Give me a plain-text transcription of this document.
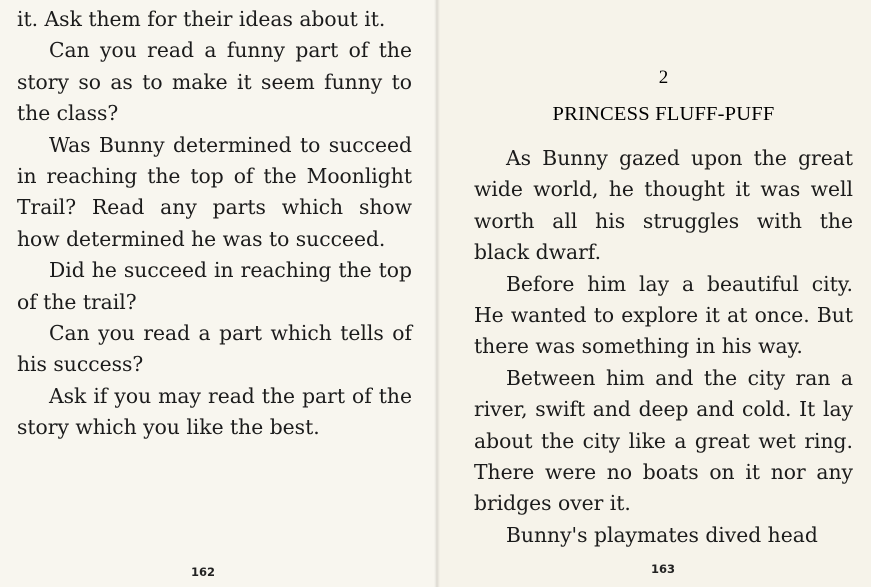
it. Ask them for their ideas about it.

Can you read a funny part of the story so as to make it seem funny to the class?

Was Bunny determined to succeed in reaching the top of the Moonlight Trail? Read any parts which show how determined he was to succeed.

Did he succeed in reaching the top of the trail?

Can you read a part which tells of his success?

Ask if you may read the part of the story which you like the best.

162
2
PRINCESS FLUFF-PUFF

As Bunny gazed upon the great wide world, he thought it was well worth all his struggles with the black dwarf.

Before him lay a beautiful city. He wanted to explore it at once. But there was something in his way.

Between him and the city ran a river, swift and deep and cold. It lay about the city like a great wet ring. There were no boats on it nor any bridges over it.

Bunny's playmates dived head

163
